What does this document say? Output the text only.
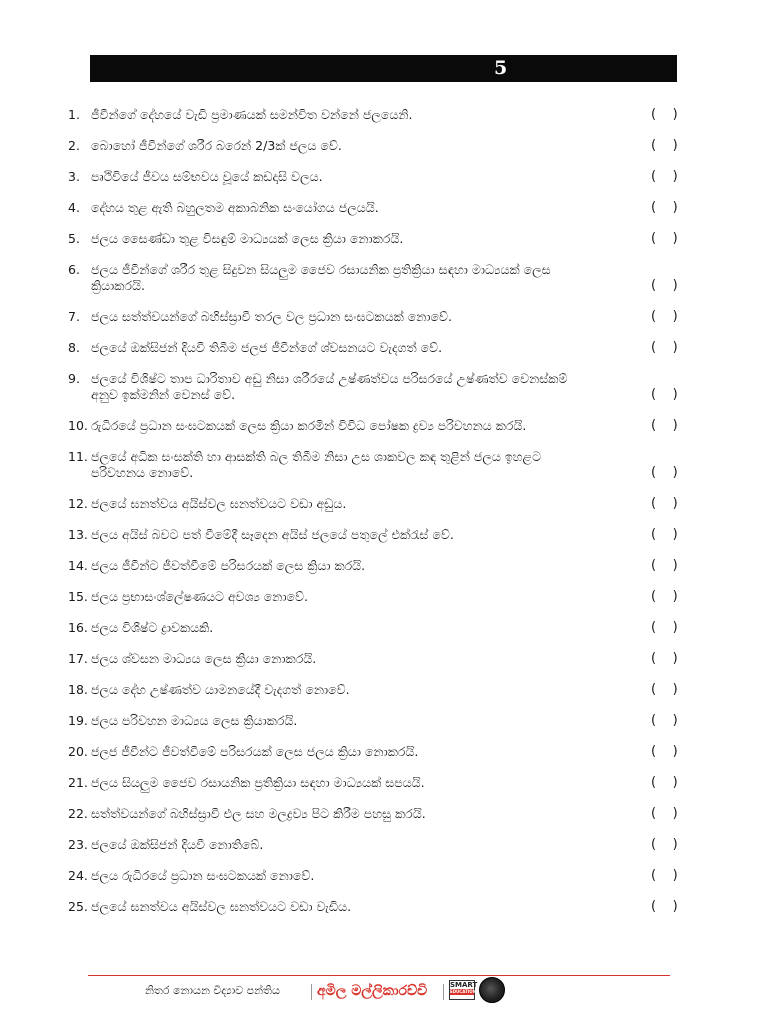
5
1. ජීවීන්ගේ දේහයේ වැඩි ප්‍රමාණයක් සමන්විත වන්නේ ජලයෙනි.	(    )
2. බොහෝ ජීවීන්ගේ ශරීර බරෙන් 2/3ක් ජලය වේ.	(    )
3. පෘථිවියේ ජීවය සම්භවය වූයේ කඩදාසි වලය.	(    )
4. දේහය තුළ ඇති බහුලතම අකාබනික සංයෝගය ජලයයි.	(    )
5. ජලය සෛණ්ඩා තුළ විසඳුම් මාධ්‍යයක් ලෙස ක්‍රියා නොකරයි.	(    )
6. ජලය ජීවීන්ගේ ශරීර තුළ සිදුවන සියලුම ජෛව රසායනික ප්‍රතික්‍රියා සඳහා මාධ්‍යයක් ලෙස
ක්‍රියාකරයි.	(    )
7. ජලය සත්ත්වයන්ගේ බහිස්ස්‍රාවී තරල වල ප්‍රධාන සංඝටකයක් නොවේ.	(    )
8. ජලයේ ඔක්සිජන් දියවී තිබීම ජලජ ජීවීන්ගේ ශ්වසනයට වැදගත් වේ.	(    )
9. ජලයේ විශිෂ්ට තාප ධාරිතාව අඩු නිසා ශරීරයේ උෂ්ණත්වය පරිසරයේ උෂ්ණත්ව වෙනස්කම්
අනුව ඉක්මනින් වෙනස් වේ.	(    )
10. රුධිරයේ ප්‍රධාන සංඝටකයක් ලෙස ක්‍රියා කරමින් විවිධ පෝෂක ද්‍රව්‍ය පරිවහනය කරයි.	(    )
11. ජලයේ අධික සංසක්ති හා ආසක්ති බල තිබීම නිසා උස ශාකවල කඳ තුළින් ජලය ඉහළට
පරිවහනය නොවේ.	(    )
12. ජලයේ ඝනත්වය අයිස්වල ඝනත්වයට වඩා අඩුය.	(    )
13. ජලය අයිස් බවට පත් වීමේදී සෑදෙන අයිස් ජලයේ පතුලේ එක්රැස් වේ.	(    )
14. ජලය ජීවීන්ට ජීවත්වීමේ පරිසරයක් ලෙස ක්‍රියා කරයි.	(    )
15. ජලය ප්‍රභාසංශ්ලේෂණයට අවශ්‍ය නොවේ.	(    )
16. ජලය විශිෂ්ට ද්‍රාවකයකි.	(    )
17. ජලය ශ්වසන මාධ්‍යය ලෙස ක්‍රියා නොකරයි.	(    )
18. ජලය දේහ උෂ්ණත්ව යාමනයේදී වැදගත් නොවේ.	(    )
19. ජලය පරිවහන මාධ්‍යය ලෙස ක්‍රියාකරයි.	(    )
20. ජලජ ජීවීන්ට ජීවත්වීමේ පරිසරයක් ලෙස ජලය ක්‍රියා නොකරයි.	(    )
21. ජලය සියලුම ජෛව රසායනික ප්‍රතික්‍රියා සඳහා මාධ්‍යයක් සපයයි.	(    )
22. සත්ත්වයන්ගේ බහිස්ස්‍රාවී එල සහ මලද්‍රව්‍ය පිට කිරීම පහසු කරයි.	(    )
23. ජලයේ ඔක්සිජන් දියවී නොතිබේ.	(    )
24. ජලය රුධිරයේ ප්‍රධාන සංඝටකයක් නොවේ.	(    )
25. ජලයේ ඝනත්වය අයිස්වල ඝනත්වයට වඩා වැඩිය.	(    )
නිතර නොයන විද්‍යාව පන්තිය	අමිල මල්ලිකාරච්චි	SMART
EDUCATION
